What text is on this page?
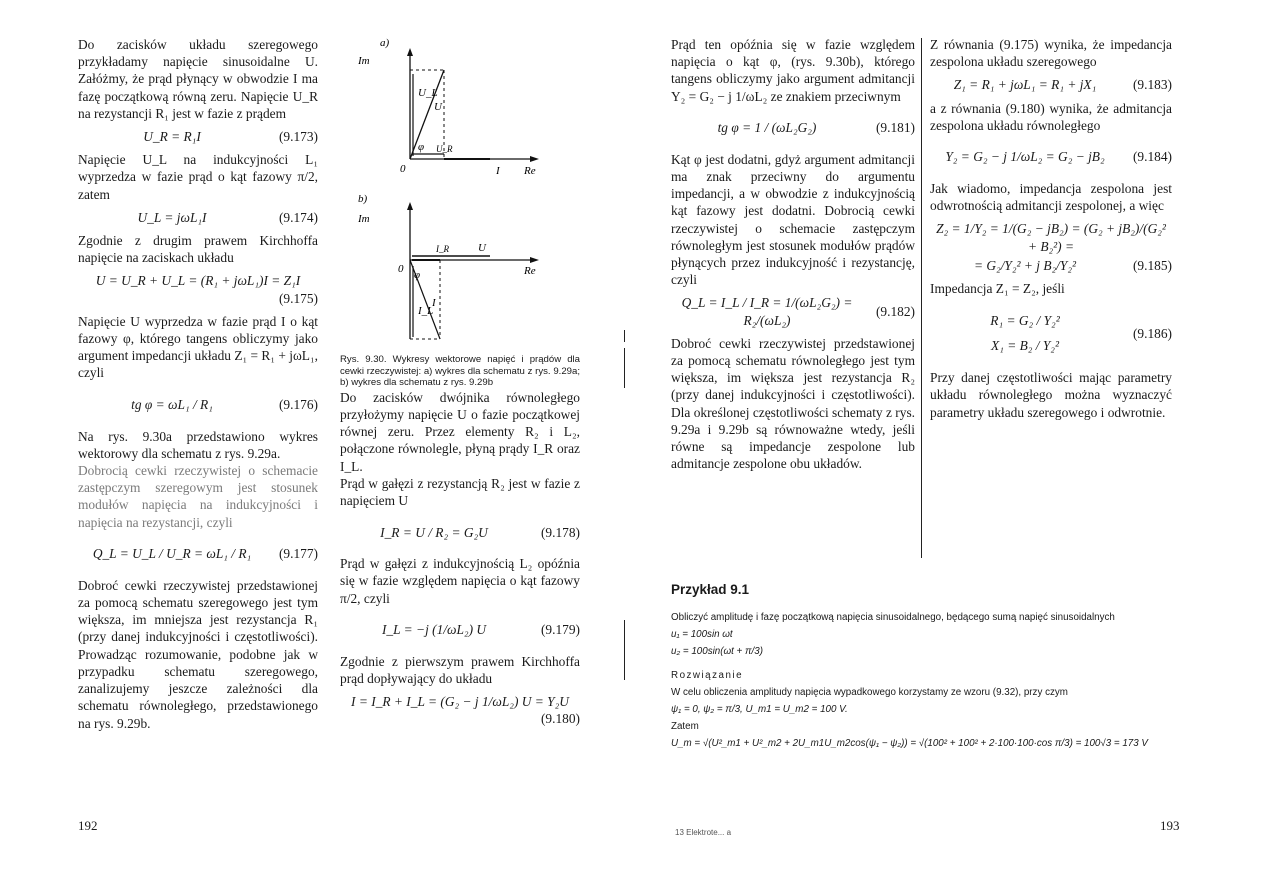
Do zacisków układu szeregowego przykładamy napięcie sinusoidalne U. Załóżmy, że prąd płynący w obwodzie I ma fazę początkową równą zeru. Napięcie U_R na rezystancji R₁ jest w fazie z prądem

U_R = R₁I	(9.173)

Napięcie U_L na indukcyjności L₁ wyprzedza w fazie prąd o kąt fazowy π/2, zatem

U_L = jωL₁I	(9.174)

Zgodnie z drugim prawem Kirchhoffa napięcie na zaciskach układu

U = U_R + U_L = (R₁ + jωL₁)I = Z₁I
(9.175)

Napięcie U wyprzedza w fazie prąd I o kąt fazowy φ, którego tangens obliczymy jako argument impedancji układu Z₁ = R₁ + jωL₁, czyli

tg φ = ωL₁ / R₁	(9.176)

Na rys. 9.30a przedstawiono wykres wektorowy dla schematu z rys. 9.29a.

Dobrocią cewki rzeczywistej o schemacie zastępczym szeregowym jest stosunek modułów napięcia na indukcyjności i napięcia na rezystancji, czyli

Q_L = U_L / U_R = ωL₁ / R₁	(9.177)

Dobroć cewki rzeczywistej przedstawionej za pomocą schematu szeregowego jest tym większa, im mniejsza jest rezystancja R₁ (przy danej indukcyjności i częstotliwości). Prowadząc rozumowanie, podobne jak w przypadku schematu szeregowego, zanalizujemy jeszcze zależności dla schematu równoległego, przedstawionego na rys. 9.29b.

a)
Im
Re
U_L
U
φ U_R
0	I
b)
Im
Re
U
I_R
φ
0
I_L
I

Rys. 9.30. Wykresy wektorowe napięć i prądów dla cewki rzeczywistej: a) wykres dla schematu z rys. 9.29a; b) wykres dla schematu z rys. 9.29b

Do zacisków dwójnika równoległego przyłożymy napięcie U o fazie początkowej równej zeru. Przez elementy R₂ i L₂, połączone równolegle, płyną prądy I_R oraz I_L.

Prąd w gałęzi z rezystancją R₂ jest w fazie z napięciem U

I_R = U / R₂ = G₂U	(9.178)

Prąd w gałęzi z indukcyjnością L₂ opóźnia się w fazie względem napięcia o kąt fazowy π/2, czyli

I_L = −j (1/ωL₂) U	(9.179)

Zgodnie z pierwszym prawem Kirchhoffa prąd dopływający do układu

I = I_R + I_L = (G₂ − j 1/ωL₂) U = Y₂U
(9.180)
192

Prąd ten opóźnia się w fazie względem napięcia o kąt φ, (rys. 9.30b), którego tangens obliczymy jako argument admitancji Y₂ = G₂ − j 1/ωL₂ ze znakiem przeciwnym

tg φ = 1 / (ωL₂G₂)	(9.181)

Kąt φ jest dodatni, gdyż argument admitancji ma znak przeciwny do argumentu impedancji, a w obwodzie z indukcyjnością kąt fazowy jest dodatni. Dobrocią cewki rzeczywistej o schemacie zastępczym równoległym jest stosunek modułów prądów płynących przez indukcyjność i rezystancję, czyli

Q_L = I_L / I_R = 1/(ωL₂G₂) = R₂/(ωL₂)
(9.182)

Dobroć cewki rzeczywistej przedstawionej za pomocą schematu równoległego jest tym większa, im większa jest rezystancja R₂ (przy danej indukcyjności i częstotliwości). Dla określonej częstotliwości schematy z rys. 9.29a i 9.29b są równoważne wtedy, jeśli równe są impedancje zespolone lub admitancje zespolone obu układów.

Z równania (9.175) wynika, że impedancja zespolona układu szeregowego

Z₁ = R₁ + jωL₁ = R₁ + jX₁	(9.183)

a z równania (9.180) wynika, że admitancja zespolona układu równoległego

Y₂ = G₂ − j 1/ωL₂ = G₂ − jB₂	(9.184)

Jak wiadomo, impedancja zespolona jest odwrotnością admitancji zespolonej, a więc

Z₂ = 1/Y₂ = 1/(G₂ − jB₂) = (G₂ + jB₂)/(G₂² + B₂²) =
= G₂/Y₂² + j B₂/Y₂²	(9.185)

Impedancja Z₁ = Z₂, jeśli

R₁ = G₂ / Y₂²
X₁ = B₂ / Y₂²
(9.186)

Przy danej częstotliwości mając parametry układu równoległego można wyznaczyć parametry układu szeregowego i odwrotnie.

Przykład 9.1
Obliczyć amplitudę i fazę początkową napięcia sinusoidalnego, będącego sumą napięć sinusoidalnych
u₁ = 100sin ωt
u₂ = 100sin(ωt + π/3)
Rozwiązanie
W celu obliczenia amplitudy napięcia wypadkowego korzystamy ze wzoru (9.32), przy czym
ψ₁ = 0, ψ₂ = π/3, U_m1 = U_m2 = 100 V.
Zatem
U_m = √(U²_m1 + U²_m2 + 2U_m1U_m2cos(ψ₁ − ψ₂)) = √(100² + 100² + 2·100·100·cos π/3) = 100√3 = 173 V
13 Elektrote... a	193
